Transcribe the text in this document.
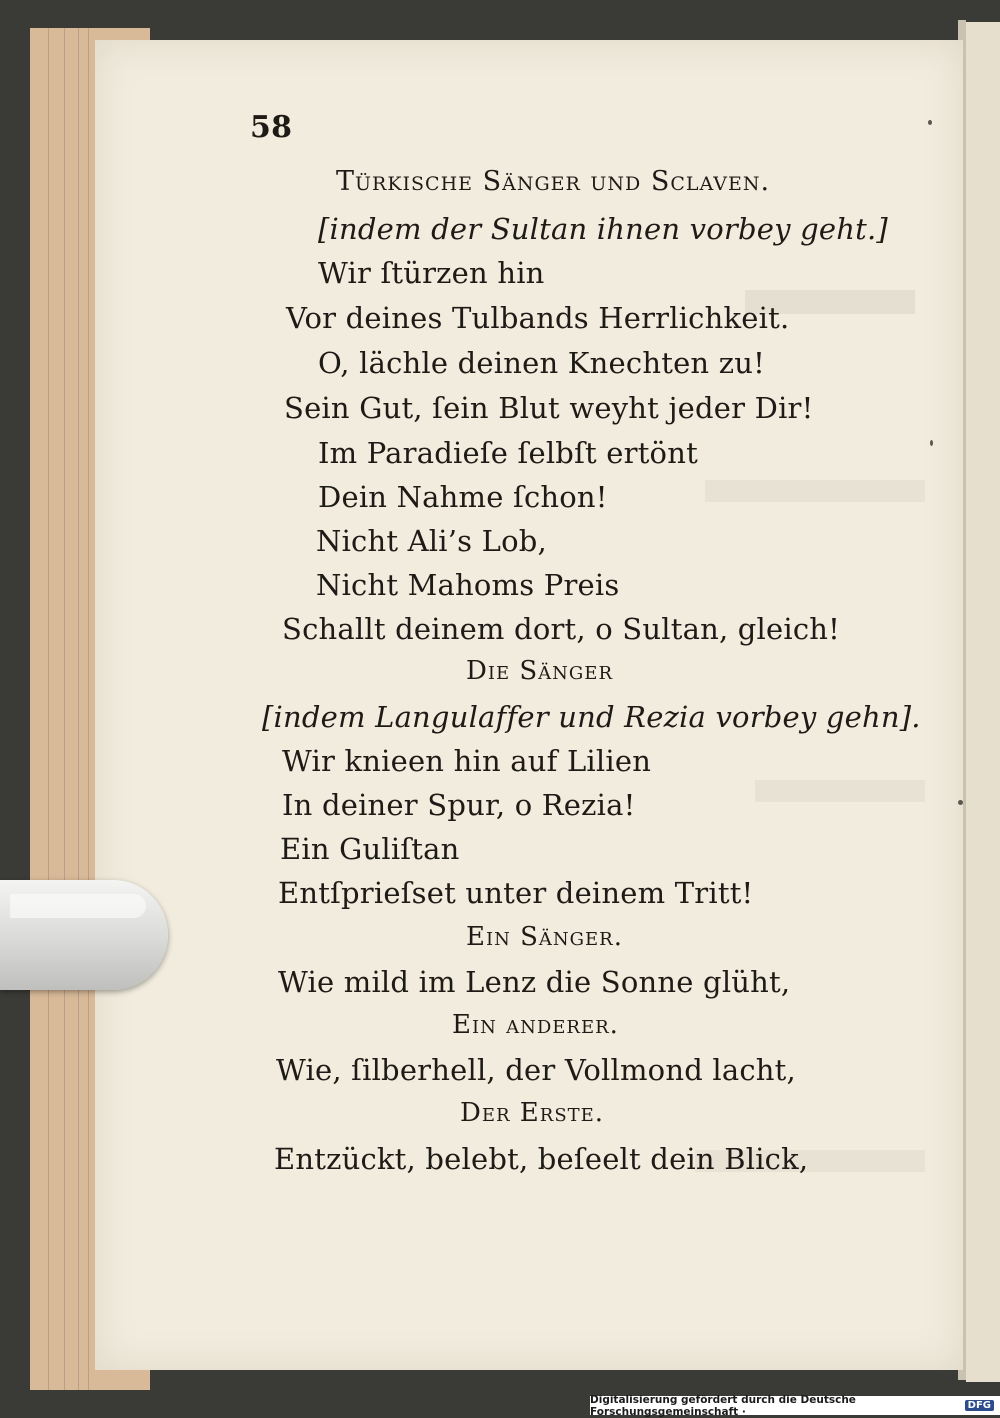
58
Türkische Sänger und Sclaven.
[indem der Sultan ihnen vorbey geht.]
Wir ſtürzen hin
Vor deines Tulbands Herrlichkeit.
O, lächle deinen Knechten zu!
Sein Gut, ſein Blut weyht jeder Dir!
Im Paradieſe ſelbſt ertönt
Dein Nahme ſchon!
Nicht Ali’s Lob,
Nicht Mahoms Preis
Schallt deinem dort, o Sultan, gleich!
Die Sänger
[indem Langulaffer und Rezia vorbey gehn].
Wir knieen hin auf Lilien
In deiner Spur, o Rezia!
Ein Guliſtan
Entſprieſset unter deinem Tritt!
Ein Sänger.
Wie mild im Lenz die Sonne glüht,
Ein anderer.
Wie, ſilberhell, der Vollmond lacht,
Der Erste.
Entzückt, belebt, beſeelt dein Blick,
Digitalisierung gefördert durch die Deutsche Forschungsgemeinschaft ·	DFG
